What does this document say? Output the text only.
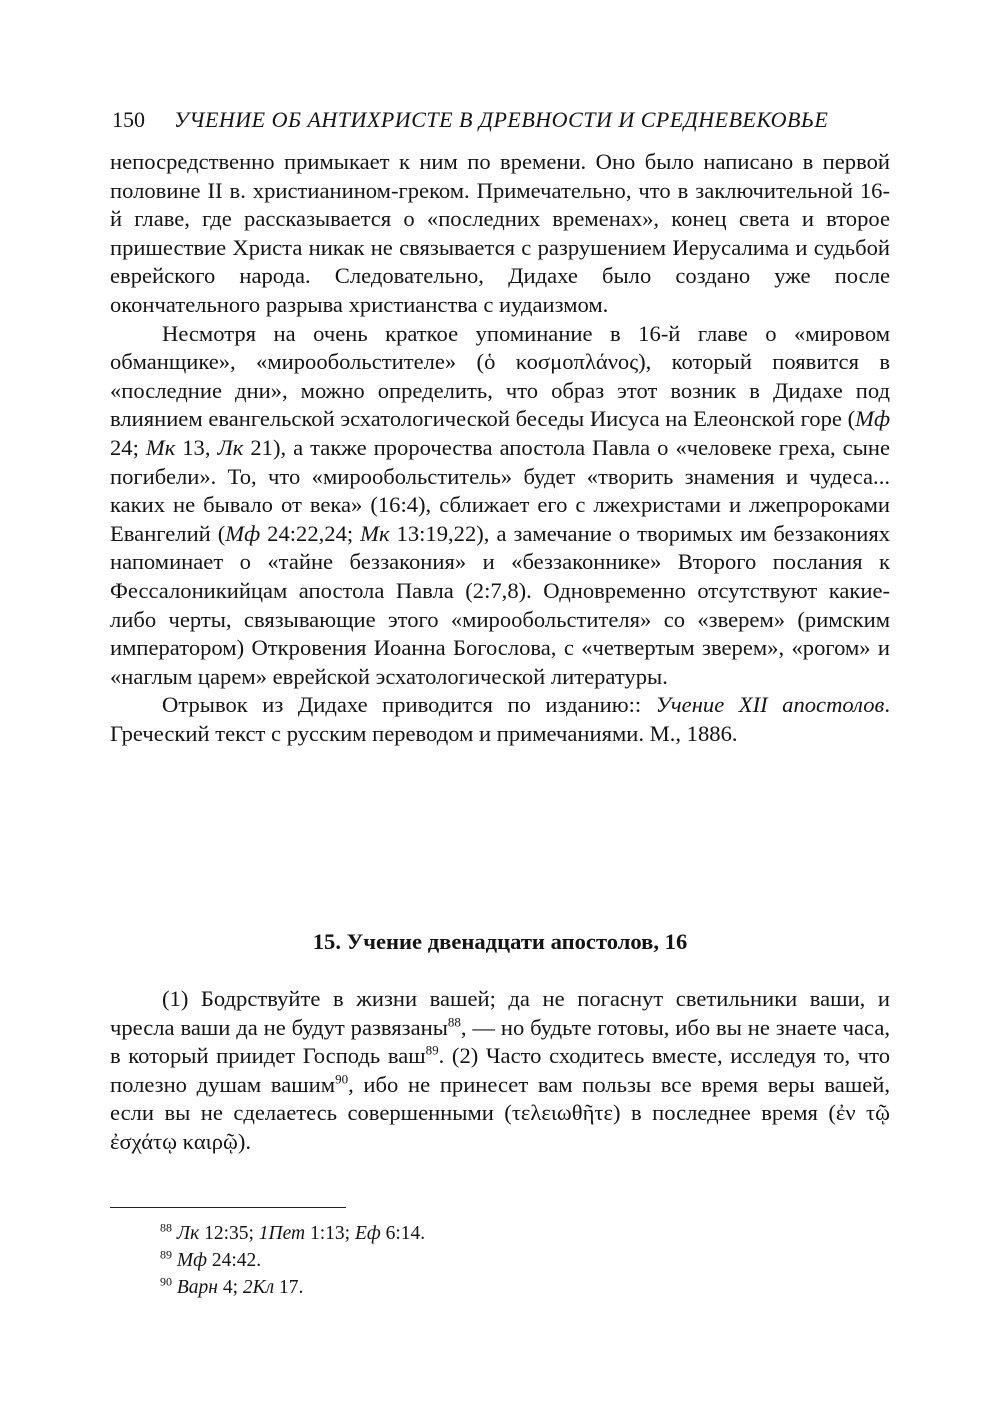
150 УЧЕНИЕ ОБ АНТИХРИСТЕ В ДРЕВНОСТИ И СРЕДНЕВЕКОВЬЕ

непосредственно примыкает к ним по времени. Оно было написано в первой половине II в. христианином-греком. Примечательно, что в заключительной 16-й главе, где рассказывается о «последних временах», конец света и второе пришествие Христа никак не связывается с разрушением Иерусалима и судьбой еврейского народа. Следовательно, Дидахе было создано уже после окончательного разрыва христианства с иудаизмом.

Несмотря на очень краткое упоминание в 16-й главе о «мировом обманщике», «мирообольстителе» (ὁ κοσμοπλάνος), который появится в «последние дни», можно определить, что образ этот возник в Дидахе под влиянием евангельской эсхатологической беседы Иисуса на Елеонской горе (Мф 24; Мк 13, Лк 21), а также пророчества апостола Павла о «человеке греха, сыне погибели». То, что «мирообольститель» будет «творить знамения и чудеса... каких не бывало от века» (16:4), сближает его с лжехристами и лжепророками Евангелий (Мф 24:22,24; Мк 13:19,22), а замечание о творимых им беззакониях напоминает о «тайне беззакония» и «беззаконнике» Второго послания к Фессалоникийцам апостола Павла (2:7,8). Одновременно отсутствуют какие-либо черты, связывающие этого «мирообольстителя» со «зверем» (римским императором) Откровения Иоанна Богослова, с «четвертым зверем», «рогом» и «наглым царем» еврейской эсхатологической литературы.

Отрывок из Дидахе приводится по изданию:: Учение XII апостолов. Греческий текст с русским переводом и примечаниями. М., 1886.

15. Учение двенадцати апостолов, 16

(1) Бодрствуйте в жизни вашей; да не погаснут светильники ваши, и чресла ваши да не будут развязаны$^{88}$, — но будьте готовы, ибо вы не знаете часа, в который приидет Господь ваш$^{89}$. (2) Часто сходитесь вместе, исследуя то, что полезно душам вашим$^{90}$, ибо не принесет вам пользы все время веры вашей, если вы не сделаетесь совершенными (τελειωθῆτε) в последнее время (ἐν τῷ ἐσχάτῳ καιρῷ).

$^{88}$ Лк 12:35; 1Пет 1:13; Еф 6:14.
$^{89}$ Мф 24:42.
$^{90}$ Варн 4; 2Кл 17.
